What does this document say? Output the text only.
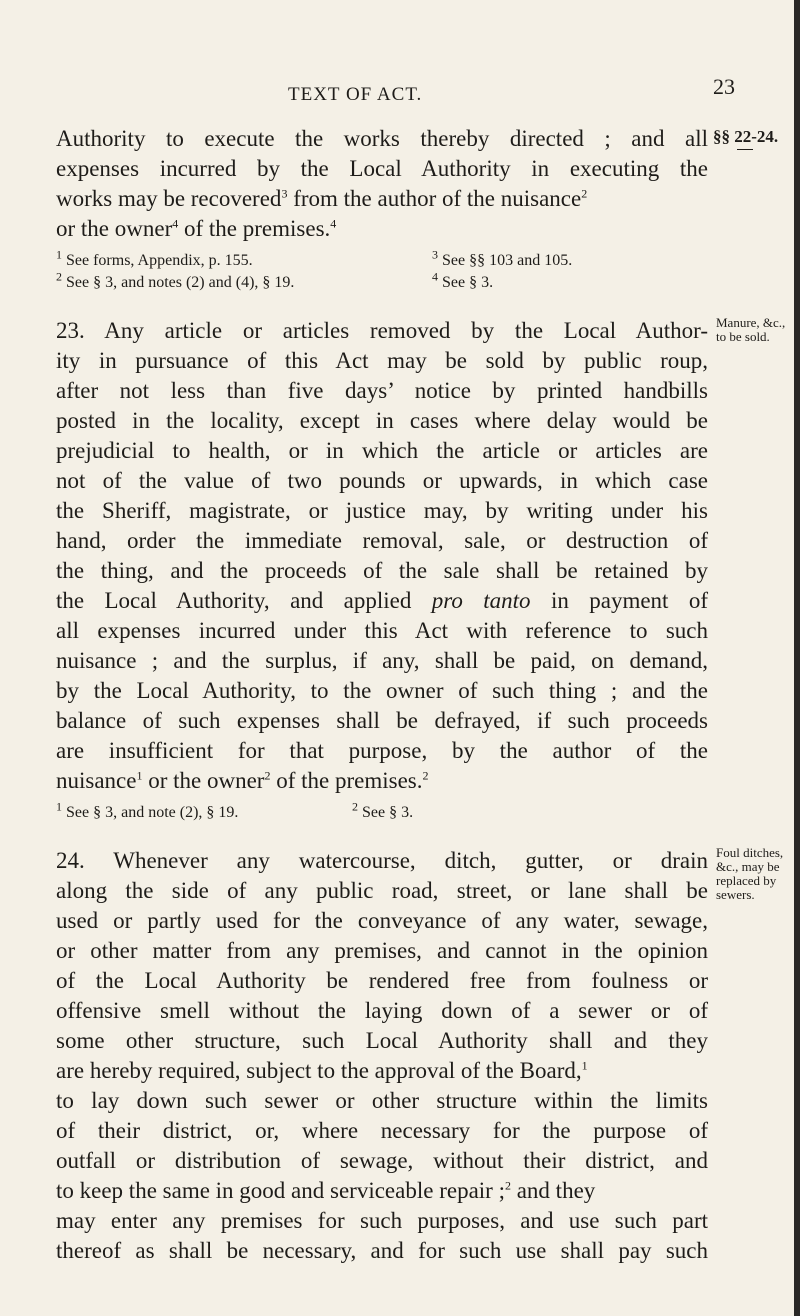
TEXT OF ACT.	23
§§ 22-24.
Authority to execute the works thereby directed ; and all
expenses incurred by the Local Authority in executing the
works may be recovered$^3$ from the author of the nuisance$^2$
or the owner$^4$ of the premises.$^4$
$^1$ See forms, Appendix, p. 155.
$^2$ See § 3, and notes (2) and (4), § 19.
$^3$ See §§ 103 and 105.
$^4$ See § 3.
Manure, &c., to be sold.
23. Any article or articles removed by the Local Author-
ity in pursuance of this Act may be sold by public roup,
after not less than five days’ notice by printed handbills
posted in the locality, except in cases where delay would be
prejudicial to health, or in which the article or articles are
not of the value of two pounds or upwards, in which case
the Sheriff, magistrate, or justice may, by writing under his
hand, order the immediate removal, sale, or destruction of
the thing, and the proceeds of the sale shall be retained by
the Local Authority, and applied pro tanto in payment of
all expenses incurred under this Act with reference to such
nuisance ; and the surplus, if any, shall be paid, on demand,
by the Local Authority, to the owner of such thing ; and the
balance of such expenses shall be defrayed, if such proceeds
are insufficient for that purpose, by the author of the
nuisance$^1$ or the owner$^2$ of the premises.$^2$
$^1$ See § 3, and note (2), § 19.	$^2$ See § 3.
Foul ditches, &c., may be replaced by sewers.
24. Whenever any watercourse, ditch, gutter, or drain
along the side of any public road, street, or lane shall be
used or partly used for the conveyance of any water, sewage,
or other matter from any premises, and cannot in the opinion
of the Local Authority be rendered free from foulness or
offensive smell without the laying down of a sewer or of
some other structure, such Local Authority shall and they
are hereby required, subject to the approval of the Board,$^1$
to lay down such sewer or other structure within the limits
of their district, or, where necessary for the purpose of
outfall or distribution of sewage, without their district, and
to keep the same in good and serviceable repair ;$^2$ and they
may enter any premises for such purposes, and use such part
thereof as shall be necessary, and for such use shall pay such
